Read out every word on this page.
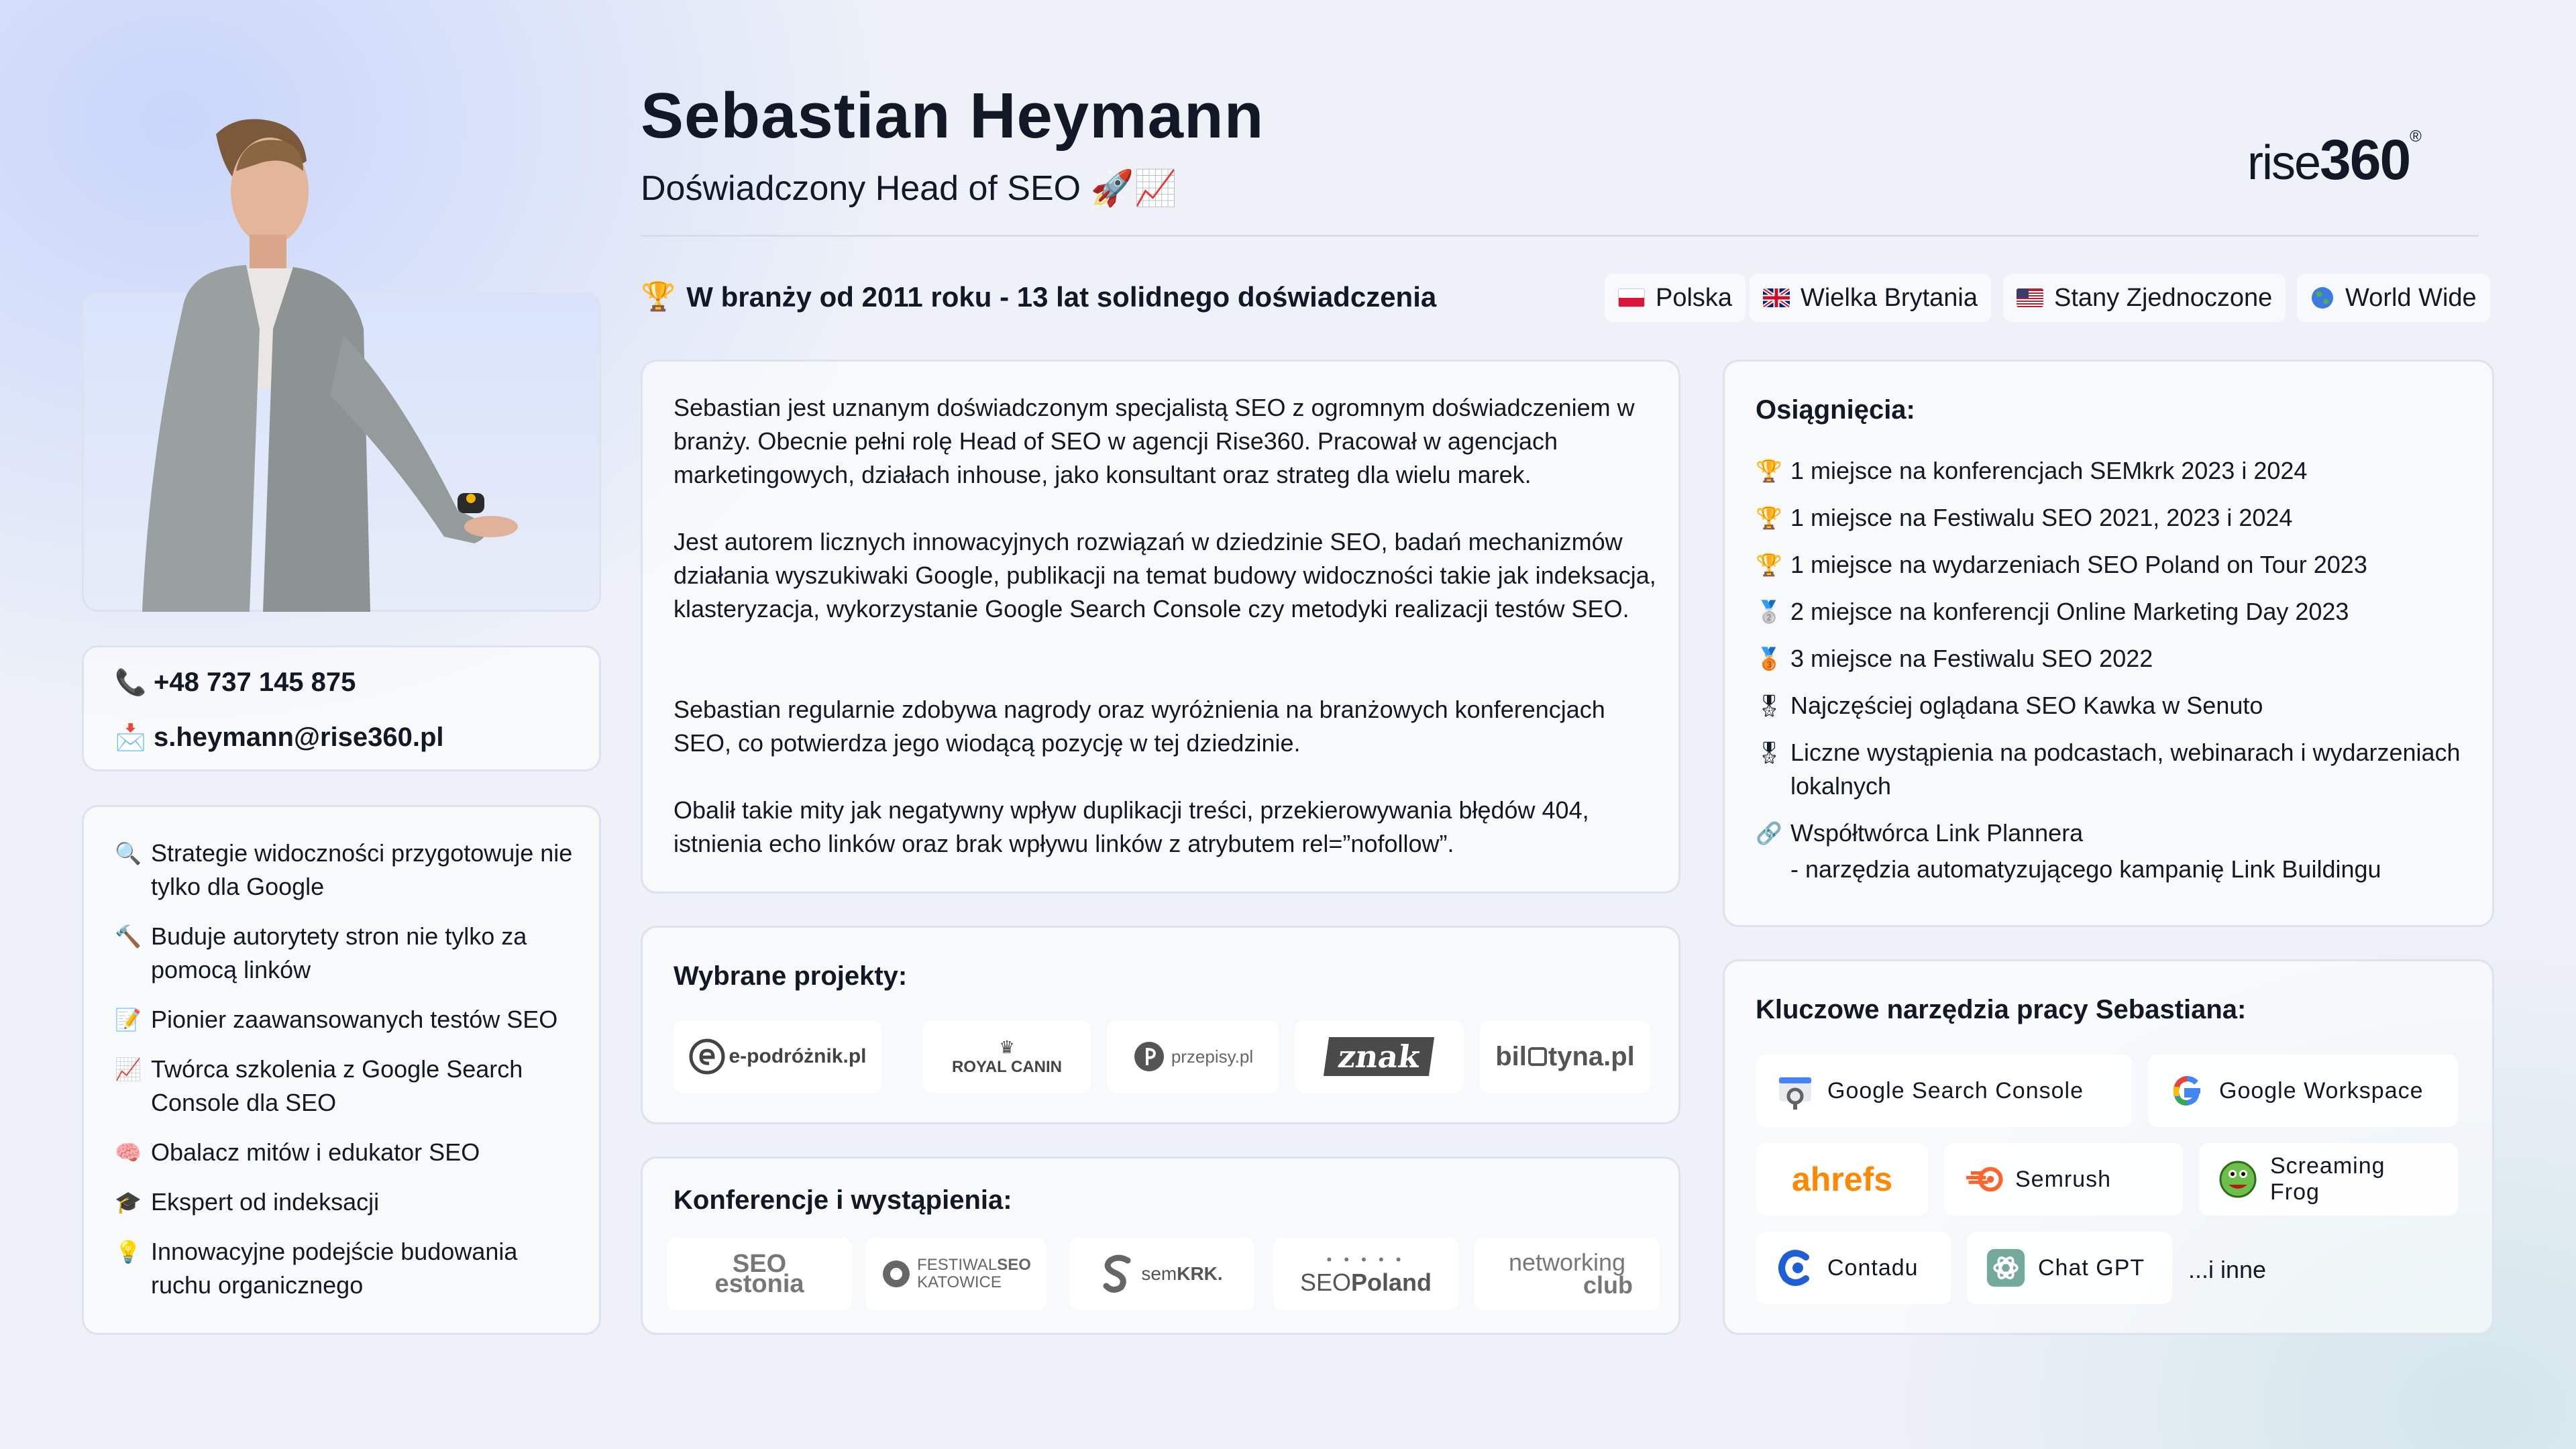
📞 +48 737 145 875
📩 s.heymann@rise360.pl
🔍 Strategie widoczności przygotowuje nie tylko dla Google
🔨 Buduje autorytety stron nie tylko za pomocą linków
📝 Pionier zaawansowanych testów SEO
📈 Twórca szkolenia z Google Search Console dla SEO
🧠 Obalacz mitów i edukator SEO
🎓 Ekspert od indeksacji
💡 Innowacyjne podejście budowania ruchu organicznego
Sebastian Heymann
Doświadczony Head of SEO 🚀📈	rise360®
🏆 W branży od 2011 roku - 13 lat solidnego doświadczenia	Polska	Wielka Brytania	Stany Zjednoczone	World Wide
Sebastian jest uznanym doświadczonym specjalistą SEO z ogromnym doświadczeniem w branży. Obecnie pełni rolę Head of SEO w agencji Rise360. Pracował w agencjach marketingowych, działach inhouse, jako konsultant oraz strateg dla wielu marek.
Jest autorem licznych innowacyjnych rozwiązań w dziedzinie SEO, badań mechanizmów działania wyszukiwaki Google, publikacji na temat budowy widoczności takie jak indeksacja, klasteryzacja, wykorzystanie Google Search Console czy metodyki realizacji testów SEO.
Sebastian regularnie zdobywa nagrody oraz wyróżnienia na branżowych konferencjach SEO, co potwierdza jego wiodącą pozycję w tej dziedzinie.
Obalił takie mity jak negatywny wpływ duplikacji treści, przekierowywania błędów 404, istnienia echo linków oraz brak wpływu linków z atrybutem rel=”nofollow”.
Osiągnięcia:
🏆 1 miejsce na konferencjach SEMkrk 2023 i 2024
🏆 1 miejsce na Festiwalu SEO 2021, 2023 i 2024
🏆 1 miejsce na wydarzeniach SEO Poland on Tour 2023
🥈 2 miejsce na konferencji Online Marketing Day 2023
🥉 3 miejsce na Festiwalu SEO 2022
🎖 Najczęściej oglądana SEO Kawka w Senuto
🎖 Liczne wystąpienia na podcastach, webinarach i wydarzeniach lokalnych
🔗 Współtwórca Link Plannera
- narzędzia automatyzującego kampanię Link Buildingu
Wybrane projekty:
e-podróżnik.pl	♛
ROYAL CANIN
przepisy.pl	znak	bil tyna.pl
Konferencje i wystąpienia:
SEO
estonia
FESTIWALSEO
KATOWICE	sem KRK.
• • • • •
SEOPoland
networking
club
Kluczowe narzędzia pracy Sebastiana:
Google Search Console	Google Workspace
ahrefs	Semrush
Screaming Frog
Contadu	Chat GPT ...i inne
